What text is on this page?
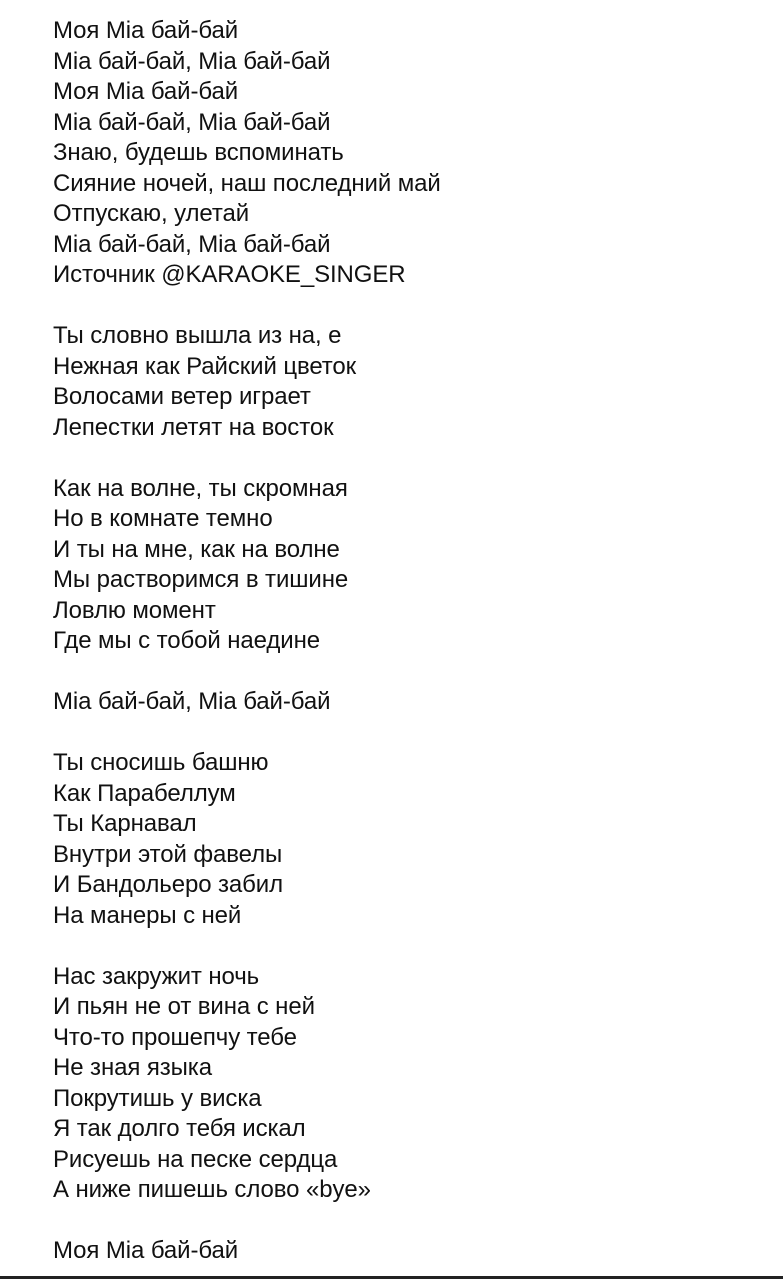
Моя Mia бай-бай
Mia бай-бай, Mia бай-бай
Моя Mia бай-бай
Mia бай-бай, Mia бай-бай
Знаю, будешь вспоминать
Сияние ночей, наш последний май
Отпускаю, улетай
Mia бай-бай, Mia бай-бай
Источник @KARAOKE_SINGER
Ты словно вышла из на, е
Нежная как Райский цветок
Волосами ветер играет
Лепестки летят на восток
Как на волне, ты скромная
Но в комнате темно
И ты на мне, как на волне
Мы растворимся в тишине
Ловлю момент
Где мы с тобой наедине
Mia бай-бай, Mia бай-бай
Ты сносишь башню
Как Парабеллум
Ты Карнавал
Внутри этой фавелы
И Бандольеро забил
На манеры с ней
Нас закружит ночь
И пьян не от вина с ней
Что-то прошепчу тебе
Не зная языка
Покрутишь у виска
Я так долго тебя искал
Рисуешь на песке сердца
А ниже пишешь слово «bye»
Моя Mia бай-бай
